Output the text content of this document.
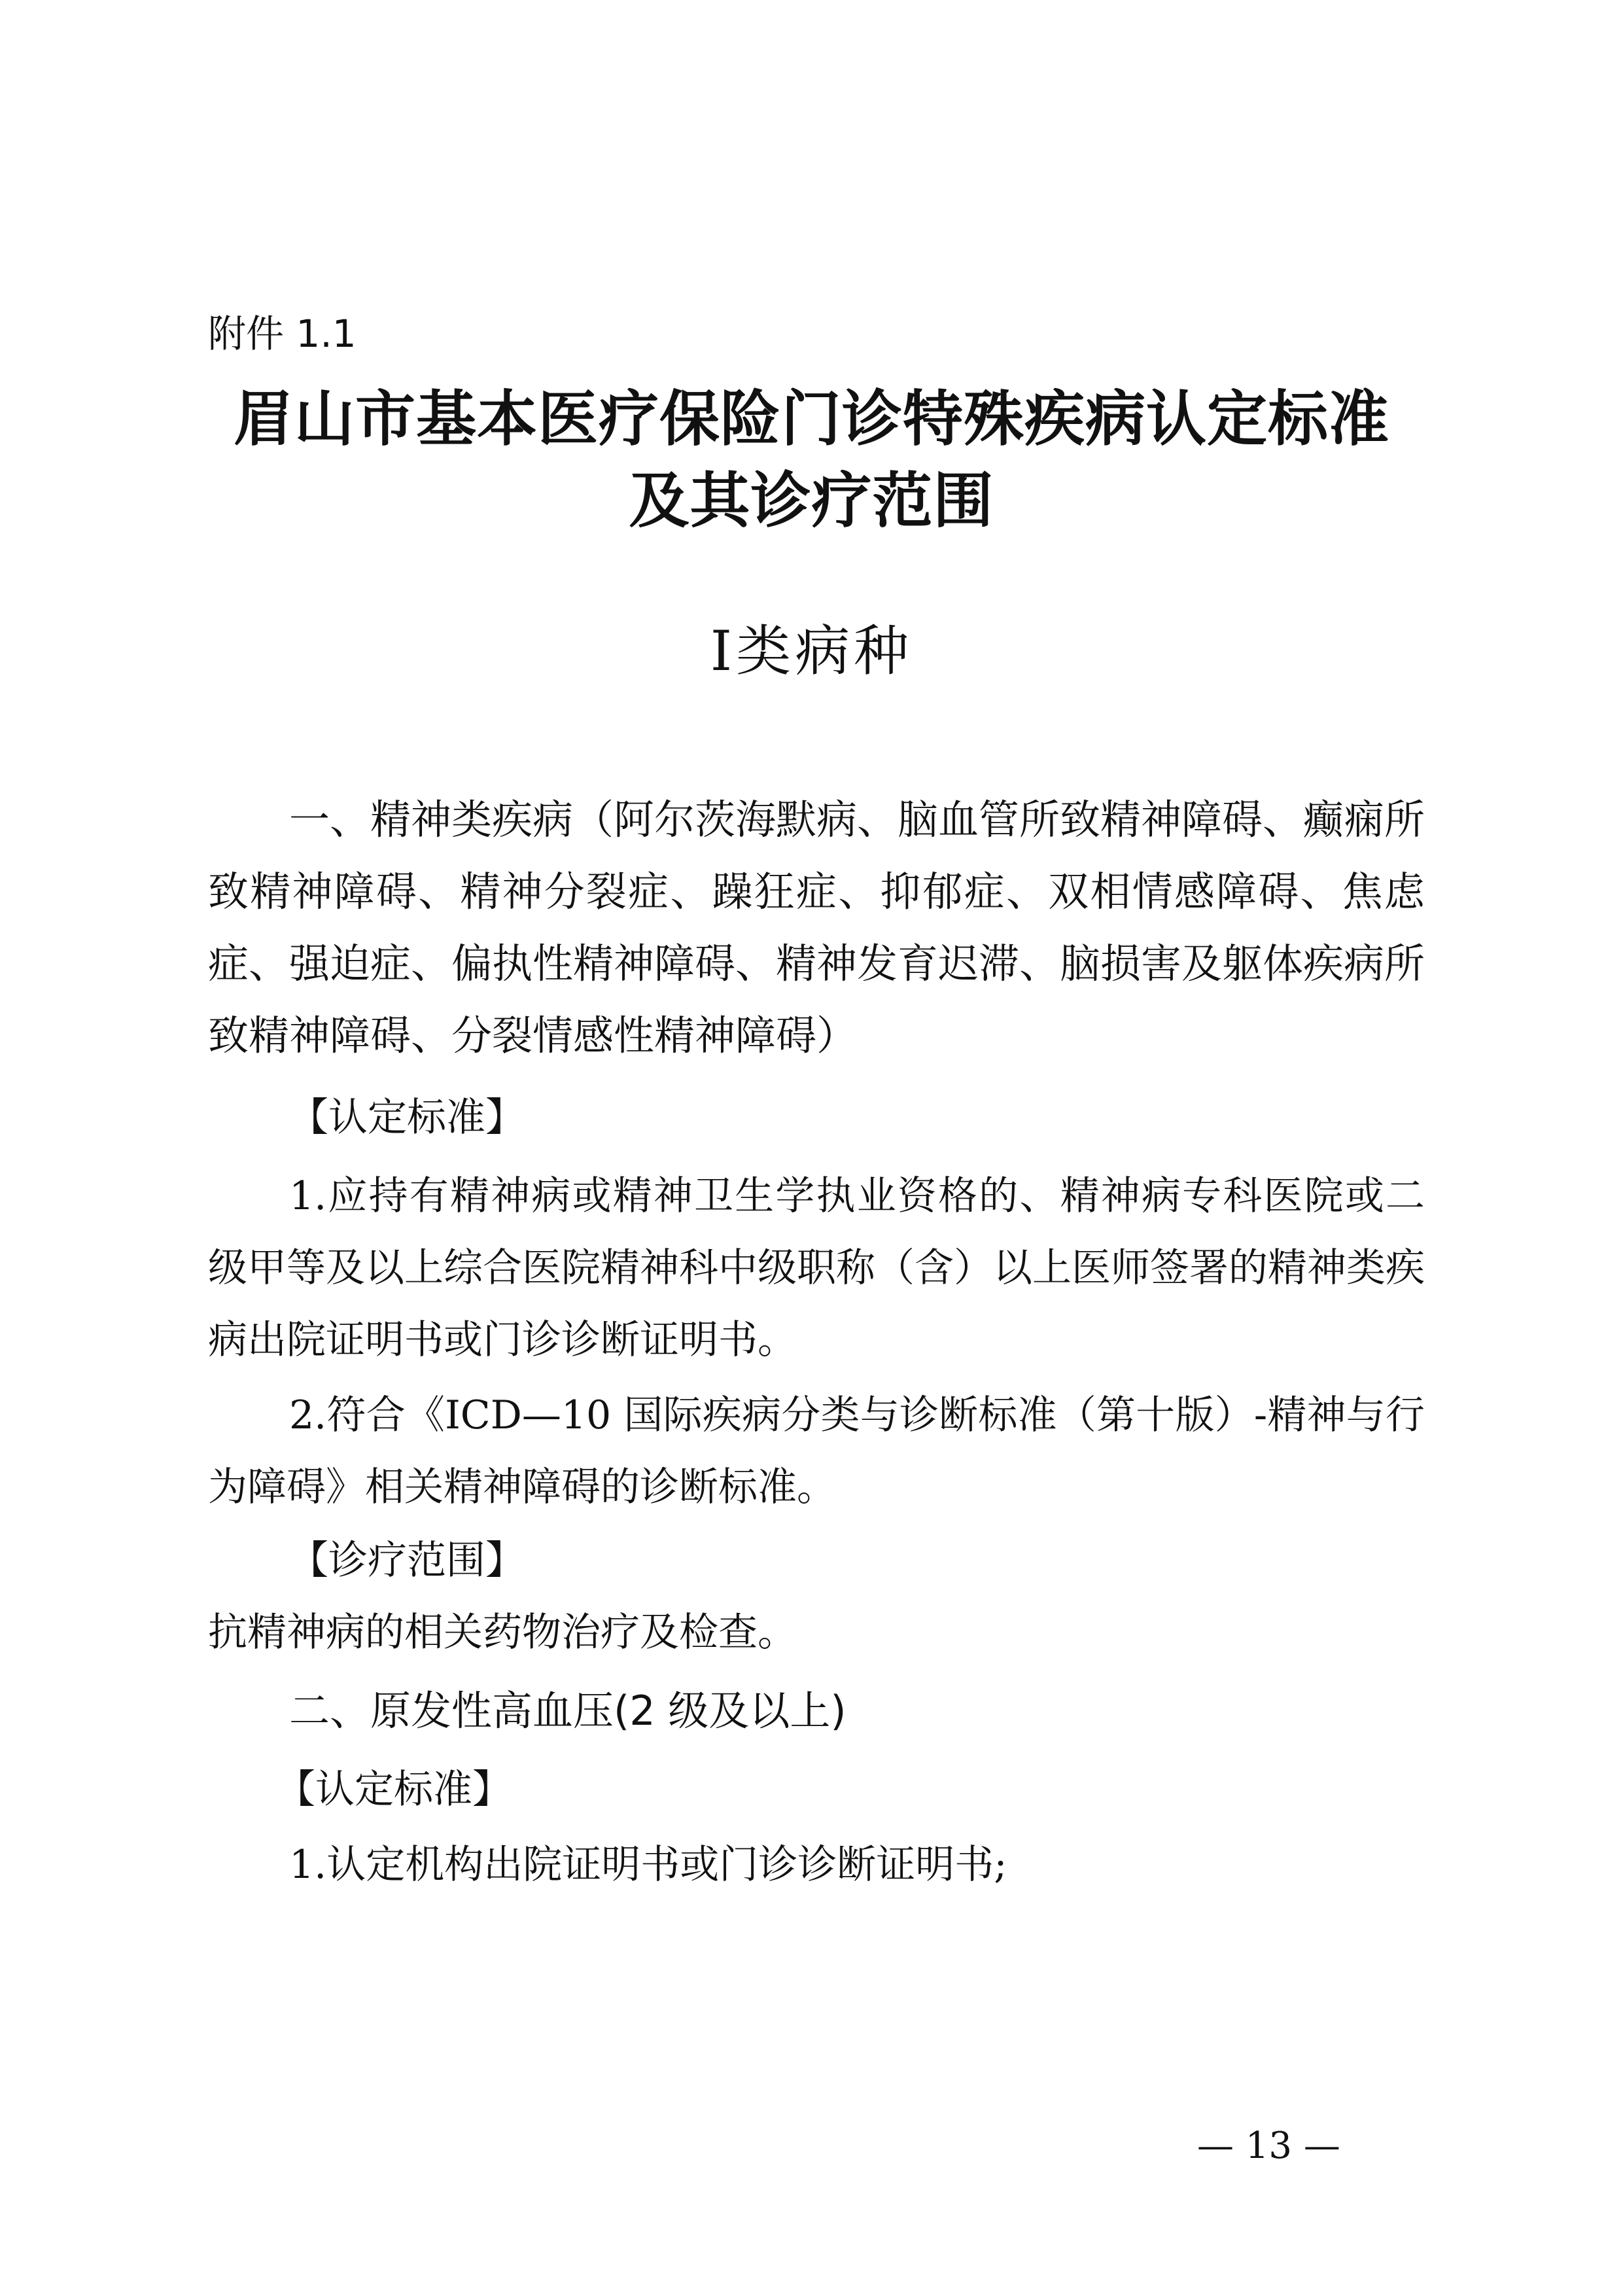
附件 1.1
眉山市基本医疗保险门诊特殊疾病认定标准
及其诊疗范围
Ⅰ类病种
一、精神类疾病（阿尔茨海默病、脑血管所致精神障碍、癫痫所致精神障碍、精神分裂症、躁狂症、抑郁症、双相情感障碍、焦虑症、强迫症、偏执性精神障碍、精神发育迟滞、脑损害及躯体疾病所致精神障碍、分裂情感性精神障碍）
【认定标准】
1.应持有精神病或精神卫生学执业资格的、精神病专科医院或二级甲等及以上综合医院精神科中级职称（含）以上医师签署的精神类疾病出院证明书或门诊诊断证明书。
2.符合《ICD—10 国际疾病分类与诊断标准（第十版）-精神与行为障碍》相关精神障碍的诊断标准。
【诊疗范围】
抗精神病的相关药物治疗及检查。
二、原发性高血压(2 级及以上)
【认定标准】
1.认定机构出院证明书或门诊诊断证明书;
— 13 —
